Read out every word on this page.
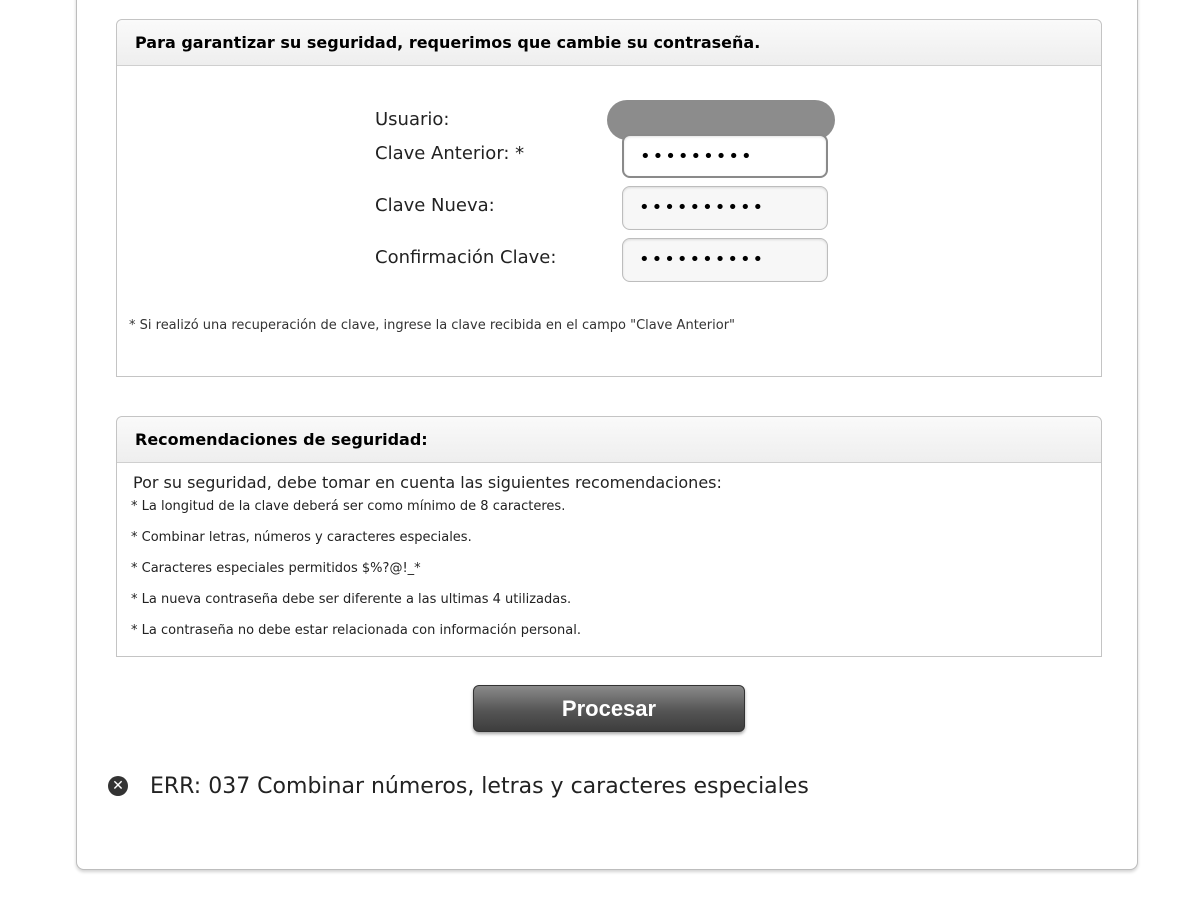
Para garantizar su seguridad, requerimos que cambie su contraseña.
Usuario:
Clave Anterior: *	•••••••••
Clave Nueva:	••••••••••
Confirmación Clave:	••••••••••
* Si realizó una recuperación de clave, ingrese la clave recibida en el campo "Clave Anterior"
Recomendaciones de seguridad:
Por su seguridad, debe tomar en cuenta las siguientes recomendaciones:
* La longitud de la clave deberá ser como mínimo de 8 caracteres.
* Combinar letras, números y caracteres especiales.
* Caracteres especiales permitidos $%?@!_*
* La nueva contraseña debe ser diferente a las ultimas 4 utilizadas.
* La contraseña no debe estar relacionada con información personal.
Procesar
✕ ERR: 037 Combinar números, letras y caracteres especiales
